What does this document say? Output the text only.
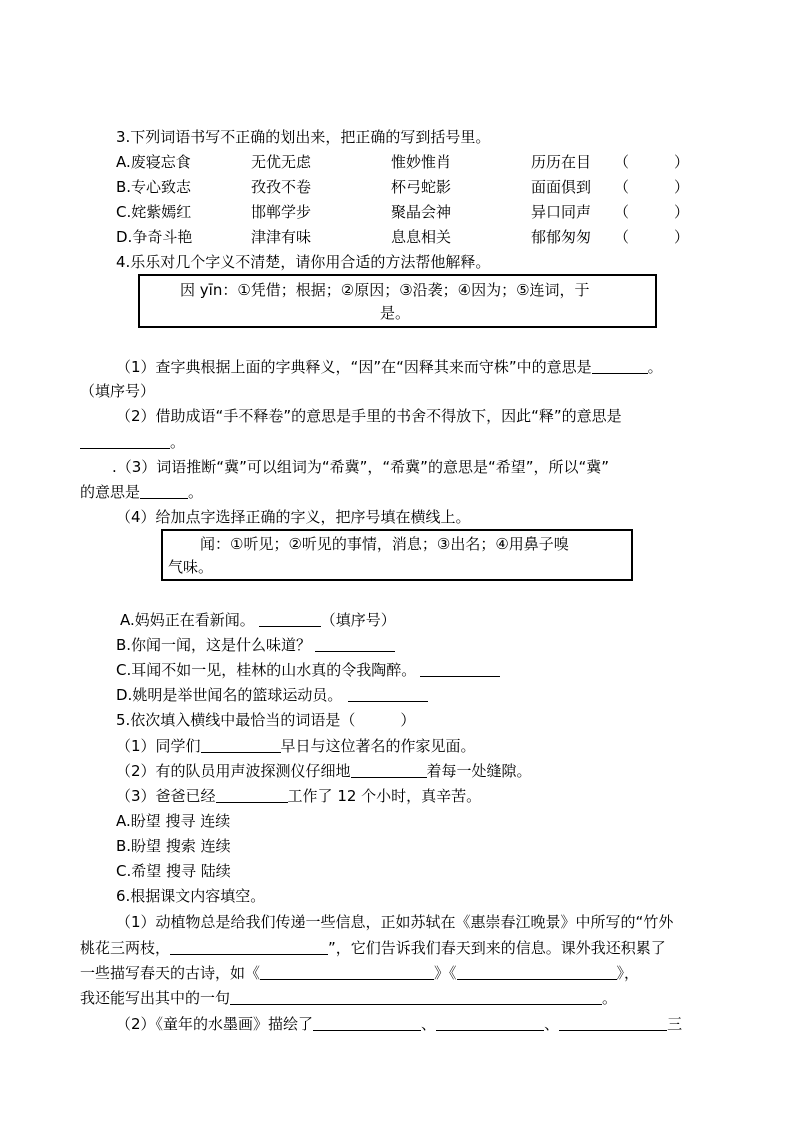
3.下列词语书写不正确的划出来，把正确的写到括号里。
A.废寝忘食	无优无虑	惟妙惟肖	历历在目 （　　　）
B.专心致志	孜孜不卷	杯弓蛇影	面面俱到 （　　　）
C.姹紫嫣红	邯郸学步	聚晶会神	异口同声 （　　　）
D.争奇斗艳	津津有味	息息相关	郁郁匆匆 （　　　）
4.乐乐对几个字义不清楚，请你用合适的方法帮他解释。
因 yīn：①凭借；根据；②原因；③沿袭；④因为；⑤连词，于
是。
（1）查字典根据上面的字典释义，“因”在“因释其来而守株”中的意思是	。
（填序号）
（2）借助成语“手不释卷”的意思是手里的书舍不得放下，因此“释”的意思是
。
.（3）词语推断“冀”可以组词为“希冀”，“希冀”的意思是“希望”，所以“冀”
的意思是	。
（4）给加点字选择正确的字义，把序号填在横线上。
闻：①听见；②听见的事情，消息；③出名；④用鼻子嗅
气味。
A.妈妈正在看新闻。	（填序号）
B.你闻一闻，这是什么味道？
C.耳闻不如一见，桂林的山水真的令我陶醉。
D.姚明是举世闻名的篮球运动员。
5.依次填入横线中最恰当的词语是（　　　）
（1）同学们	早日与这位著名的作家见面。
（2）有的队员用声波探测仪仔细地	着每一处缝隙。
（3）爸爸已经	工作了 12 个小时，真辛苦。
A.盼望 搜寻 连续
B.盼望 搜索 连续
C.希望 搜寻 陆续
6.根据课文内容填空。
（1）动植物总是给我们传递一些信息，正如苏轼在《惠崇春江晚景》中所写的“竹外
桃花三两枝，	”，它们告诉我们春天到来的信息。课外我还积累了
一些描写春天的古诗，如《	》《	》，
我还能写出其中的一句	。
（2）《童年的水墨画》描绘了	、	、	三
